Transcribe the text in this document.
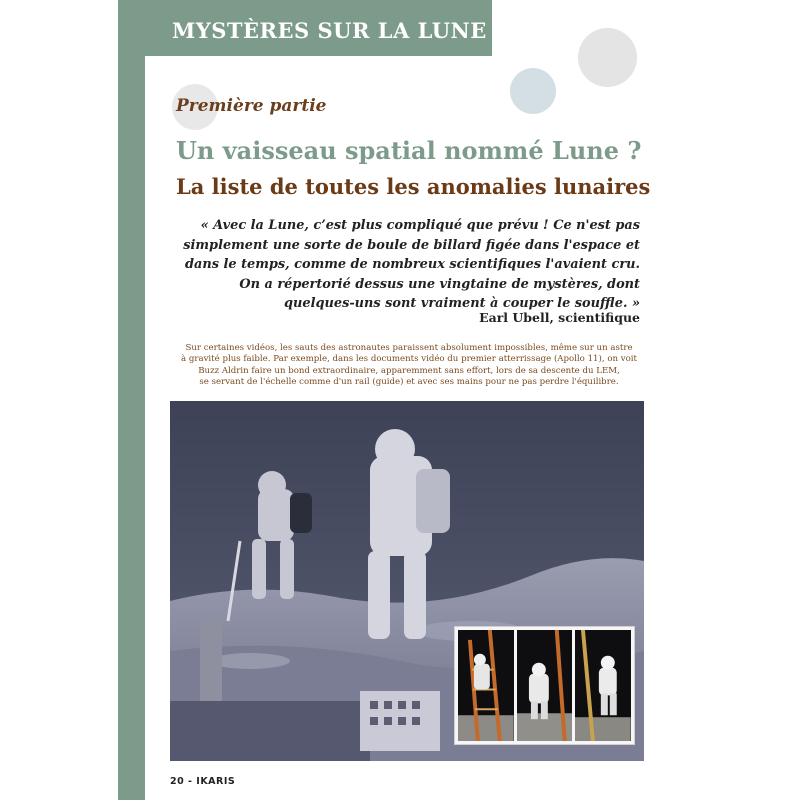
MYSTÈRES SUR LA LUNE
Première partie
Un vaisseau spatial nommé Lune ?
La liste de toutes les anomalies lunaires
« Avec la Lune, c’est plus compliqué que prévu ! Ce n'est pas
simplement une sorte de boule de billard figée dans l'espace et
dans le temps, comme de nombreux scientifiques l'avaient cru.
On a répertorié dessus une vingtaine de mystères, dont
quelques-uns sont vraiment à couper le souffle. »
Earl Ubell, scientifique
Sur certaines vidéos, les sauts des astronautes paraissent absolument impossibles, même sur un astre
à gravité plus faible. Par exemple, dans les documents vidéo du premier atterrissage (Apollo 11), on voit
Buzz Aldrin faire un bond extraordinaire, apparemment sans effort, lors de sa descente du LEM,
se servant de l'échelle comme d'un rail (guide) et avec ses mains pour ne pas perdre l'équilibre.
20 - IKARIS
